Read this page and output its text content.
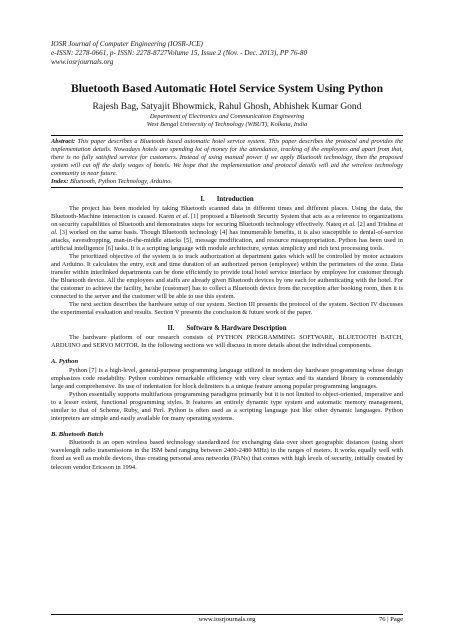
IOSR Journal of Computer Engineering (IOSR-JCE)
e-ISSN: 2278-0661, p- ISSN: 2278-8727Volume 15, Issue 2 (Nov. - Dec. 2013), PP 76-80
www.iosrjournals.org
Bluetooth Based Automatic Hotel Service System Using Python
Rajesh Bag, Satyajit Bhowmick, Rahul Ghosh, Abhishek Kumar Gond
Department of Electronics and Communication Engineering
West Bengal University of Technology (WBUT), Kolkata, India
Abstract: This paper describes a Bluetooth based automatic hotel service system. This paper describes the protocol and provides the implementation details. Nowadays hotels are spending lot of money for the attendance, tracking of the employees and apart from that, there is no fully satisfied service for customers. Instead of using manual power if we apply Bluetooth technology, then the proposed system will cut off the daily wages of hotels. We hope that the implementation and protocol details will aid the wireless technology community in near future.
Index: Bluetooth, Python Technology, Arduino.
I. Introduction

The project has been modeled by taking Bluetooth scanned data in different times and different places. Using the data, the Bluetooth-Machine interaction is caused. Karen et al. [1] proposed a Bluetooth Security System that acts as a reference to organizations on security capabilities of Bluetooth and demonstrates steps for securing Bluetooth technology effectively. Nateq et al. [2] and Trishna et al. [3] worked on the same basis. Though Bluetooth technology [4] has innumerable benefits, it is also susceptible to denial-of-service attacks, eavesdropping, man-in-the-middle attacks [5], message modification, and resource misappropriation. Python has been used in artificial intelligence [6] tasks. It is a scripting language with module architecture, syntax simplicity and rich text processing tools.

The prioritized objective of the system is to track authorization at department gates which will be controlled by motor actuators and Arduino. It calculates the entry, exit and time duration of an authorized person (employee) within the perimeters of the zone. Data transfer within interlinked departments can be done efficiently to provide total hotel service interface by employee for customer through the Bluetooth device. All the employees and staffs are already given Bluetooth devices by one each for authenticating with the hotel. For the customer to achieve the facility, he/she (customer) has to collect a Bluetooth device from the reception after booking room, then it is connected to the server and the customer will be able to use this system.

The next section describes the hardware setup of our system. Section III presents the protocol of the system. Section IV discusses the experimental evaluation and results. Section V presents the conclusion & future work of the paper.

II. Software & Hardware Description

The hardware platform of our research consists of PYTHON PROGRAMMING SOFTWARE, BLUETOOTH BATCH, ARDUINO and SERVO MOTOR. In the following sections we will discuss in more details about the individual components.

A. Python

Python [7] is a high-level, general-purpose programming language utilized in modern day hardware programming whose design emphasizes code readability. Python combines remarkable efficiency with very clear syntax and its standard library is commendably large and comprehensive. Its use of indentation for block delimiters is a unique feature among popular programming languages.

Python essentially supports multifarious programming paradigms primarily but it is not limited to object-oriented, imperative and to a lesser extent, functional programming styles. It features an entirely dynamic type system and automatic memory management, similar to that of Scheme, Ruby, and Perl. Python is often used as a scripting language just like other dynamic languages. Python interpreters are simple and easily available for many operating systems.

B. Bluetooth Batch

Bluetooth is an open wireless based technology standardized for exchanging data over short geographic distances (using short wavelength radio transmissions in the ISM band ranging between 2400-2480 MHz) in the ranges of meters. It works equally well with fixed as well as mobile devices, thus creating personal area networks (PANs) that comes with high levels of security, initially created by telecom vendor Ericsson in 1994.

www.iosrjournals.org	76 | Page
